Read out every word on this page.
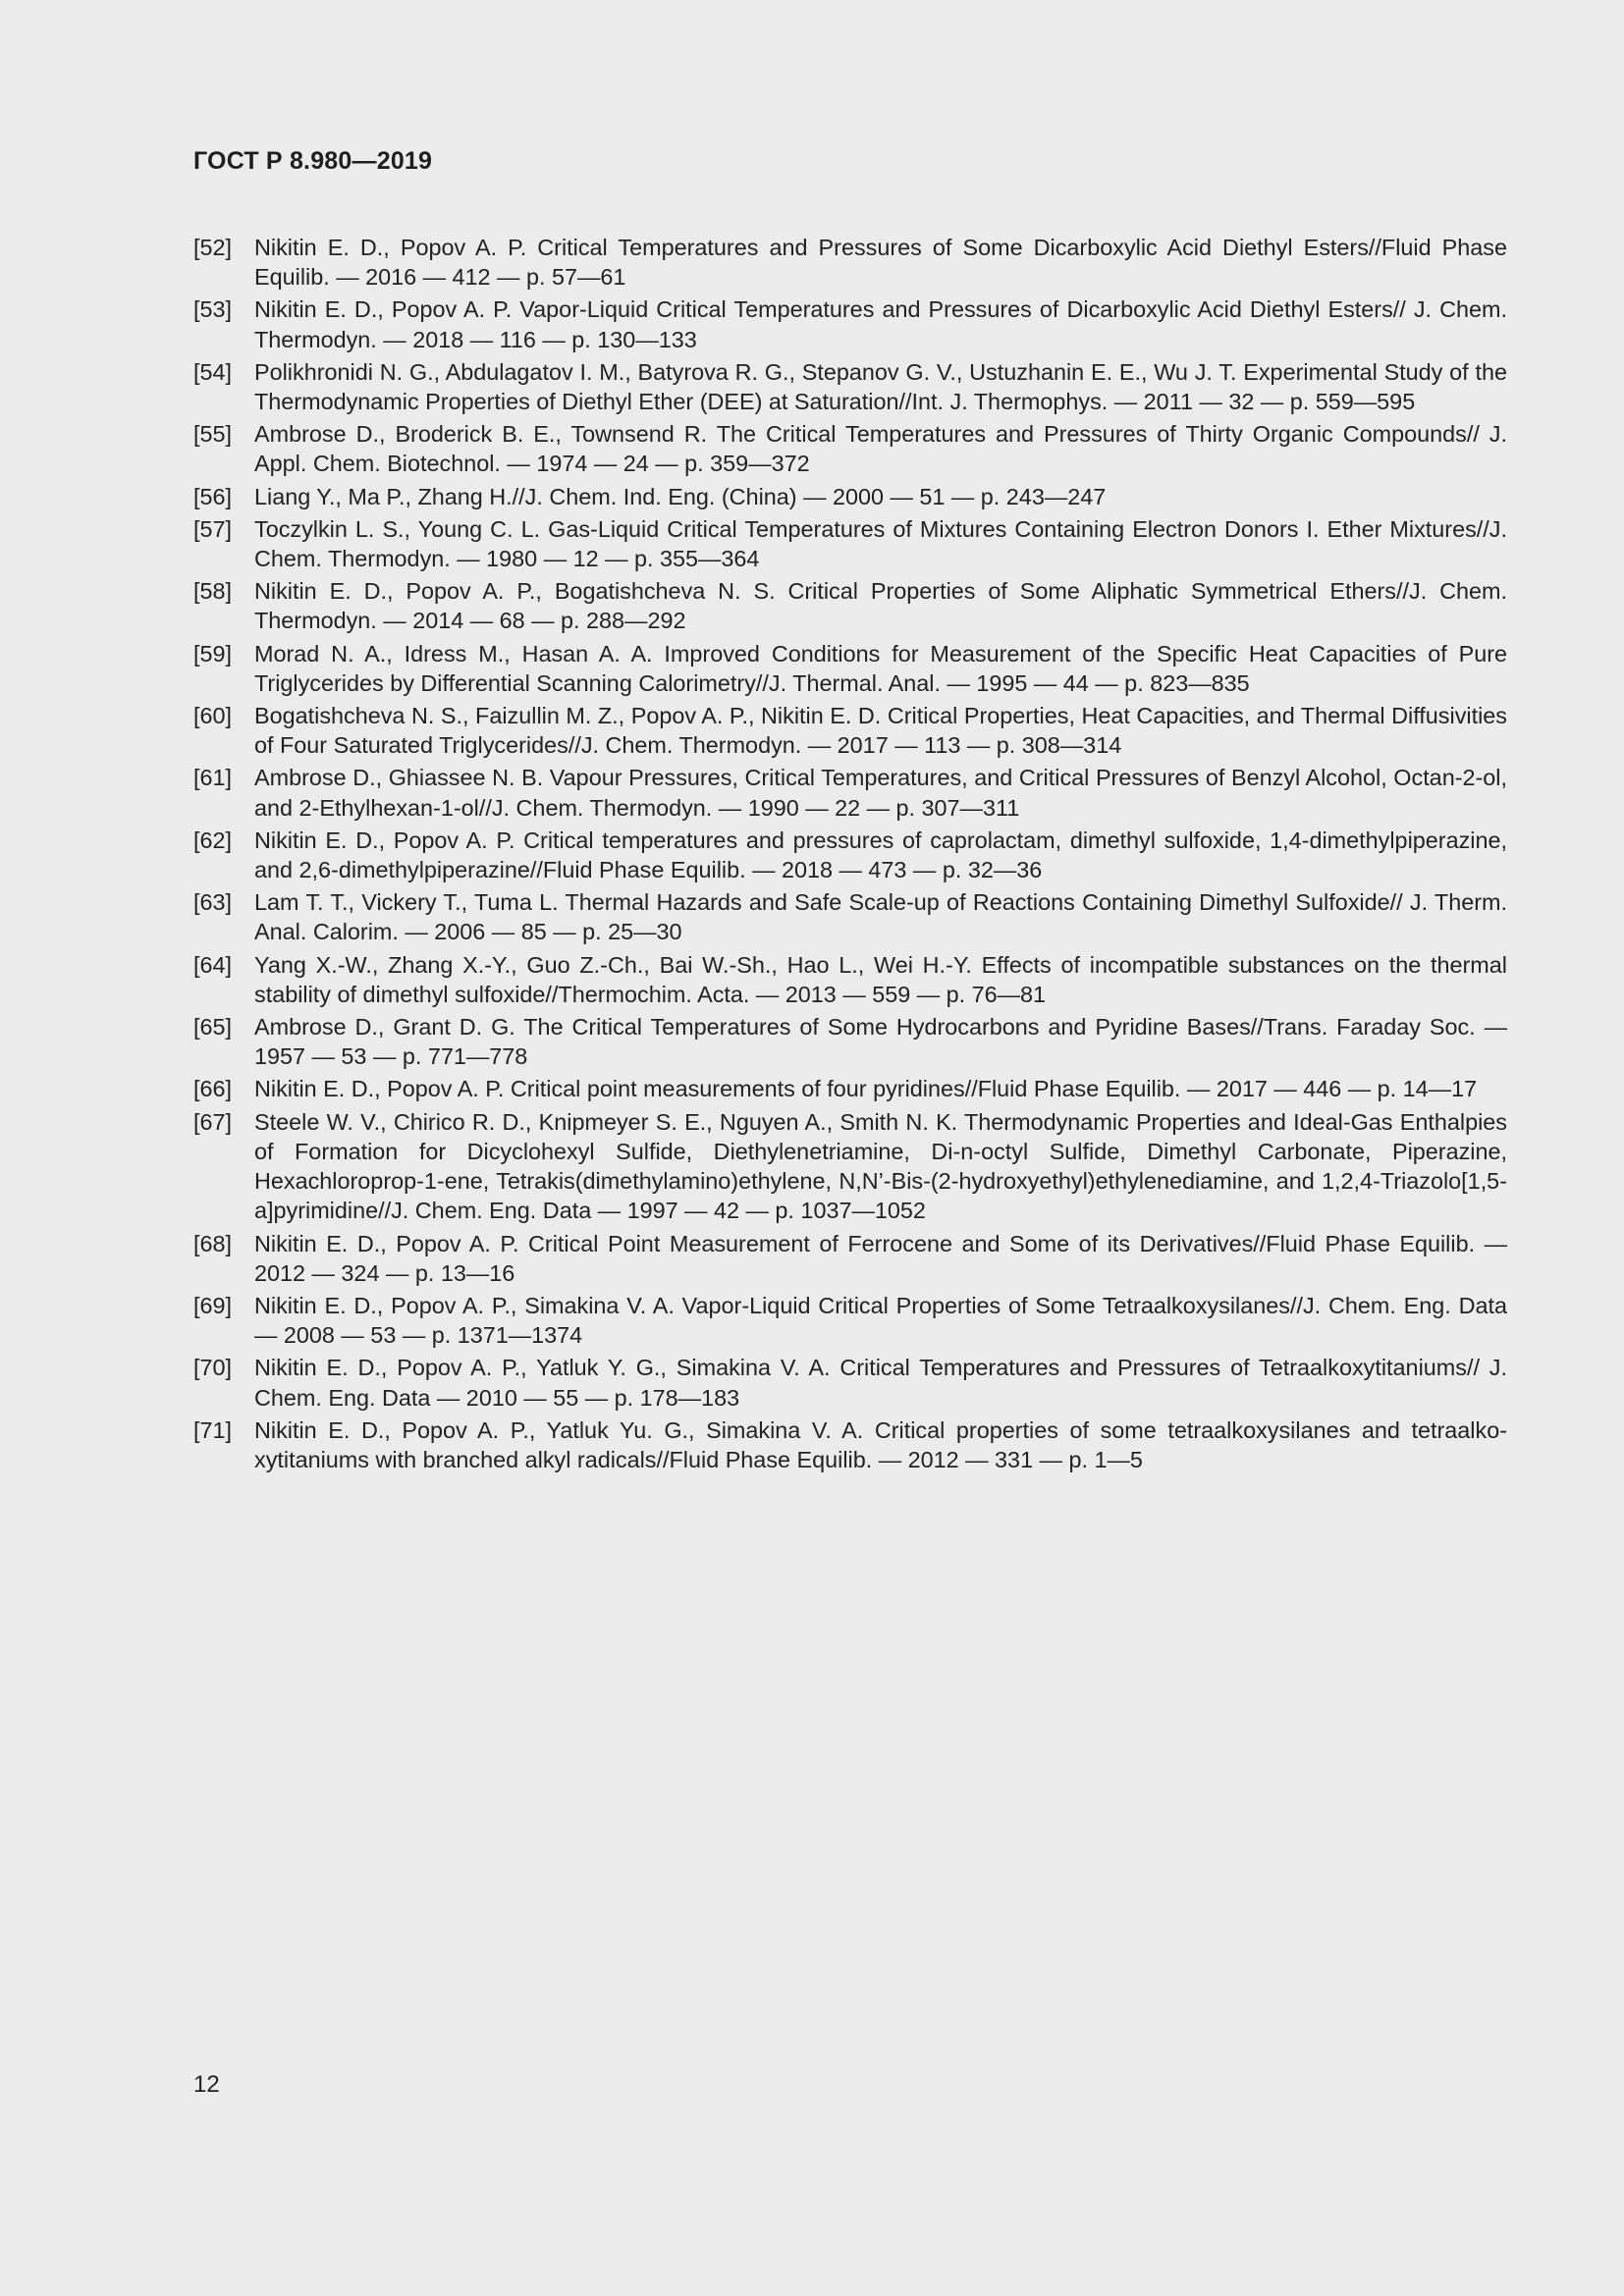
ГОСТ Р 8.980—2019
[52] Nikitin E. D., Popov A. P. Critical Temperatures and Pressures of Some Dicarboxylic Acid Diethyl Esters//Fluid Phase Equilib. — 2016 — 412 — p. 57—61
[53] Nikitin E. D., Popov A. P. Vapor-Liquid Critical Temperatures and Pressures of Dicarboxylic Acid Diethyl Esters// J. Chem. Thermodyn. — 2018 — 116 — p. 130—133
[54] Polikhronidi N. G., Abdulagatov I. M., Batyrova R. G., Stepanov G. V., Ustuzhanin E. E., Wu J. T. Experimental Study of the Thermodynamic Properties of Diethyl Ether (DEE) at Saturation//Int. J. Thermophys. — 2011 — 32 — p. 559—595
[55] Ambrose D., Broderick B. E., Townsend R. The Critical Temperatures and Pressures of Thirty Organic Compounds// J. Appl. Chem. Biotechnol. — 1974 — 24 — p. 359—372
[56] Liang Y., Ma P., Zhang H.//J. Chem. Ind. Eng. (China) — 2000 — 51 — p. 243—247
[57] Toczylkin L. S., Young C. L. Gas-Liquid Critical Temperatures of Mixtures Containing Electron Donors I. Ether Mixtures//J. Chem. Thermodyn. — 1980 — 12 — p. 355—364
[58] Nikitin E. D., Popov A. P., Bogatishcheva N. S. Critical Properties of Some Aliphatic Symmetrical Ethers//J. Chem. Thermodyn. — 2014 — 68 — p. 288—292
[59] Morad N. A., Idress M., Hasan A. A. Improved Conditions for Measurement of the Specific Heat Capacities of Pure Triglycerides by Differential Scanning Calorimetry//J. Thermal. Anal. — 1995 — 44 — p. 823—835
[60] Bogatishcheva N. S., Faizullin M. Z., Popov A. P., Nikitin E. D. Critical Properties, Heat Capacities, and Thermal Diffusivities of Four Saturated Triglycerides//J. Chem. Thermodyn. — 2017 — 113 — p. 308—314
[61] Ambrose D., Ghiassee N. B. Vapour Pressures, Critical Temperatures, and Critical Pressures of Benzyl Alcohol, Octan-2-ol, and 2-Ethylhexan-1-ol//J. Chem. Thermodyn. — 1990 — 22 — p. 307—311
[62] Nikitin E. D., Popov A. P. Critical temperatures and pressures of caprolactam, dimethyl sulfoxide, 1,4-dimethylpiperazine, and 2,6-dimethylpiperazine//Fluid Phase Equilib. — 2018 — 473 — p. 32—36
[63] Lam T. T., Vickery T., Tuma L. Thermal Hazards and Safe Scale-up of Reactions Containing Dimethyl Sulfoxide// J. Therm. Anal. Calorim. — 2006 — 85 — p. 25—30
[64] Yang X.-W., Zhang X.-Y., Guo Z.-Ch., Bai W.-Sh., Hao L., Wei H.-Y. Effects of incompatible substances on the thermal stability of dimethyl sulfoxide//Thermochim. Acta. — 2013 — 559 — p. 76—81
[65] Ambrose D., Grant D. G. The Critical Temperatures of Some Hydrocarbons and Pyridine Bases//Trans. Faraday Soc. — 1957 — 53 — p. 771—778
[66] Nikitin E. D., Popov A. P. Critical point measurements of four pyridines//Fluid Phase Equilib. — 2017 — 446 — p. 14—17
[67] Steele W. V., Chirico R. D., Knipmeyer S. E., Nguyen A., Smith N. K. Thermodynamic Properties and Ideal-Gas Enthalpies of Formation for Dicyclohexyl Sulfide, Diethylenetriamine, Di-n-octyl Sulfide, Dimethyl Carbonate, Piperazine, Hexachloroprop-1-ene, Tetrakis(dimethylamino)ethylene, N,N’-Bis-(2-hydroxyethyl)ethylenediamine, and 1,2,4-Triazolo[1,5-a]pyrimidine//J. Chem. Eng. Data — 1997 — 42 — p. 1037—1052
[68] Nikitin E. D., Popov A. P. Critical Point Measurement of Ferrocene and Some of its Derivatives//Fluid Phase Equilib. — 2012 — 324 — p. 13—16
[69] Nikitin E. D., Popov A. P., Simakina V. A. Vapor-Liquid Critical Properties of Some Tetraalkoxysilanes//J. Chem. Eng. Data — 2008 — 53 — p. 1371—1374
[70] Nikitin E. D., Popov A. P., Yatluk Y. G., Simakina V. A. Critical Temperatures and Pressures of Tetraalkoxytitaniums// J. Chem. Eng. Data — 2010 — 55 — p. 178—183
[71] Nikitin E. D., Popov A. P., Yatluk Yu. G., Simakina V. A. Critical properties of some tetraalkoxysilanes and tetraalkoxytitaniums with branched alkyl radicals//Fluid Phase Equilib. — 2012 — 331 — p. 1—5
12
